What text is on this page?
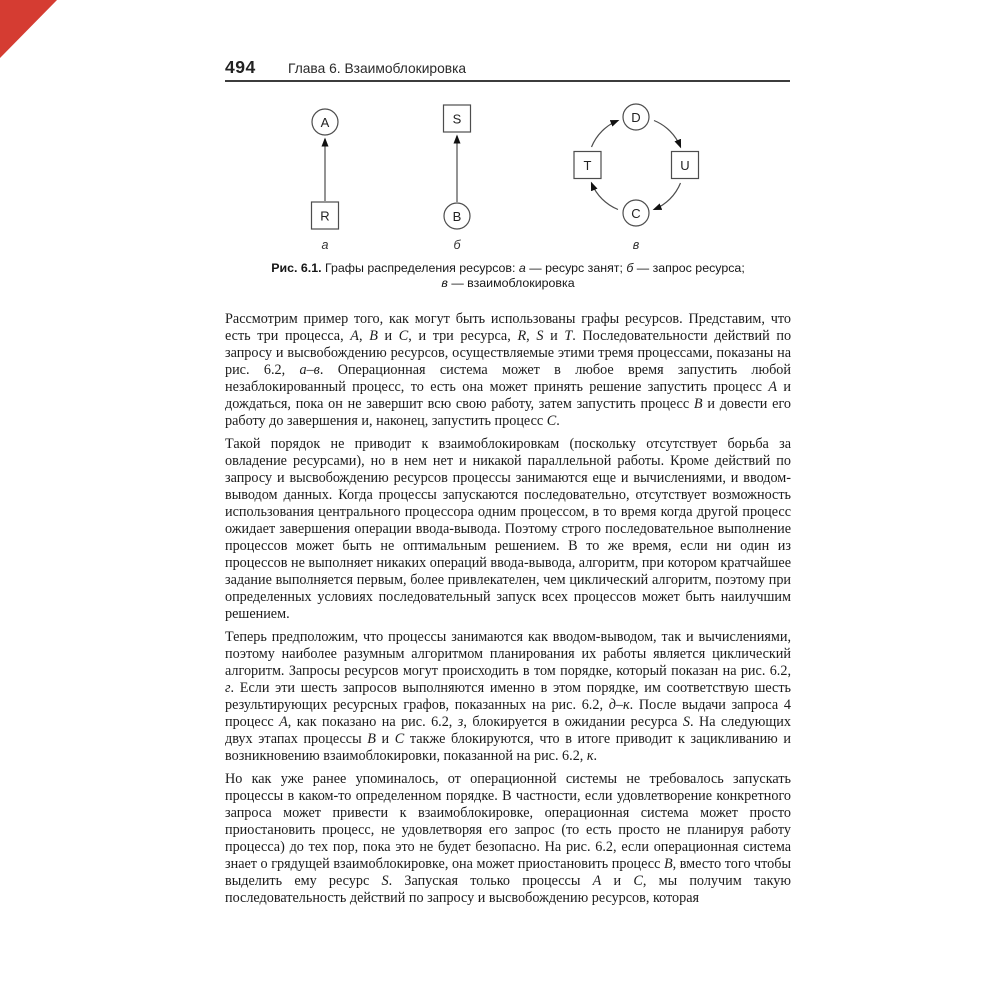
494 Глава 6. Взаимоблокировка
A
R
а
S
B
б
D
U
C
T
в
Рис. 6.1. Графы распределения ресурсов: а — ресурс занят; б — запрос ресурса;
в — взаимоблокировка

Рассмотрим пример того, как могут быть использованы графы ресурсов. Представим, что есть три процесса, A, B и C, и три ресурса, R, S и T. Последовательности действий по запросу и высвобождению ресурсов, осуществляемые этими тремя процессами, показаны на рис. 6.2, а–в. Операционная система может в любое время запустить любой незаблокированный процесс, то есть она может принять решение запустить процесс A и дождаться, пока он не завершит всю свою работу, затем запустить процесс B и довести его работу до завершения и, наконец, запустить процесс C.

Такой порядок не приводит к взаимоблокировкам (поскольку отсутствует борьба за овладение ресурсами), но в нем нет и никакой параллельной работы. Кроме действий по запросу и высвобождению ресурсов процессы занимаются еще и вычислениями, и вводом-выводом данных. Когда процессы запускаются последовательно, отсутствует возможность использования центрального процессора одним процессом, в то время когда другой процесс ожидает завершения операции ввода-вывода. Поэтому строго последовательное выполнение процессов может быть не оптимальным решением. В то же время, если ни один из процессов не выполняет никаких операций ввода-вывода, алгоритм, при котором кратчайшее задание выполняется первым, более привлекателен, чем циклический алгоритм, поэтому при определенных условиях последовательный запуск всех процессов может быть наилучшим решением.

Теперь предположим, что процессы занимаются как вводом-выводом, так и вычислениями, поэтому наиболее разумным алгоритмом планирования их работы является циклический алгоритм. Запросы ресурсов могут происходить в том порядке, который показан на рис. 6.2, г. Если эти шесть запросов выполняются именно в этом порядке, им соответствую шесть результирующих ресурсных графов, показанных на рис. 6.2, д–к. После выдачи запроса 4 процесс A, как показано на рис. 6.2, з, блокируется в ожидании ресурса S. На следующих двух этапах процессы B и C также блокируются, что в итоге приводит к зацикливанию и возникновению взаимоблокировки, показанной на рис. 6.2, к.

Но как уже ранее упоминалось, от операционной системы не требовалось запускать процессы в каком-то определенном порядке. В частности, если удовлетворение конкретного запроса может привести к взаимоблокировке, операционная система может просто приостановить процесс, не удовлетворяя его запрос (то есть просто не планируя работу процесса) до тех пор, пока это не будет безопасно. На рис. 6.2, если операционная система знает о грядущей взаимоблокировке, она может приостановить процесс B, вместо того чтобы выделить ему ресурс S. Запуская только процессы A и C, мы получим такую последовательность действий по запросу и высвобождению ресурсов, которая
